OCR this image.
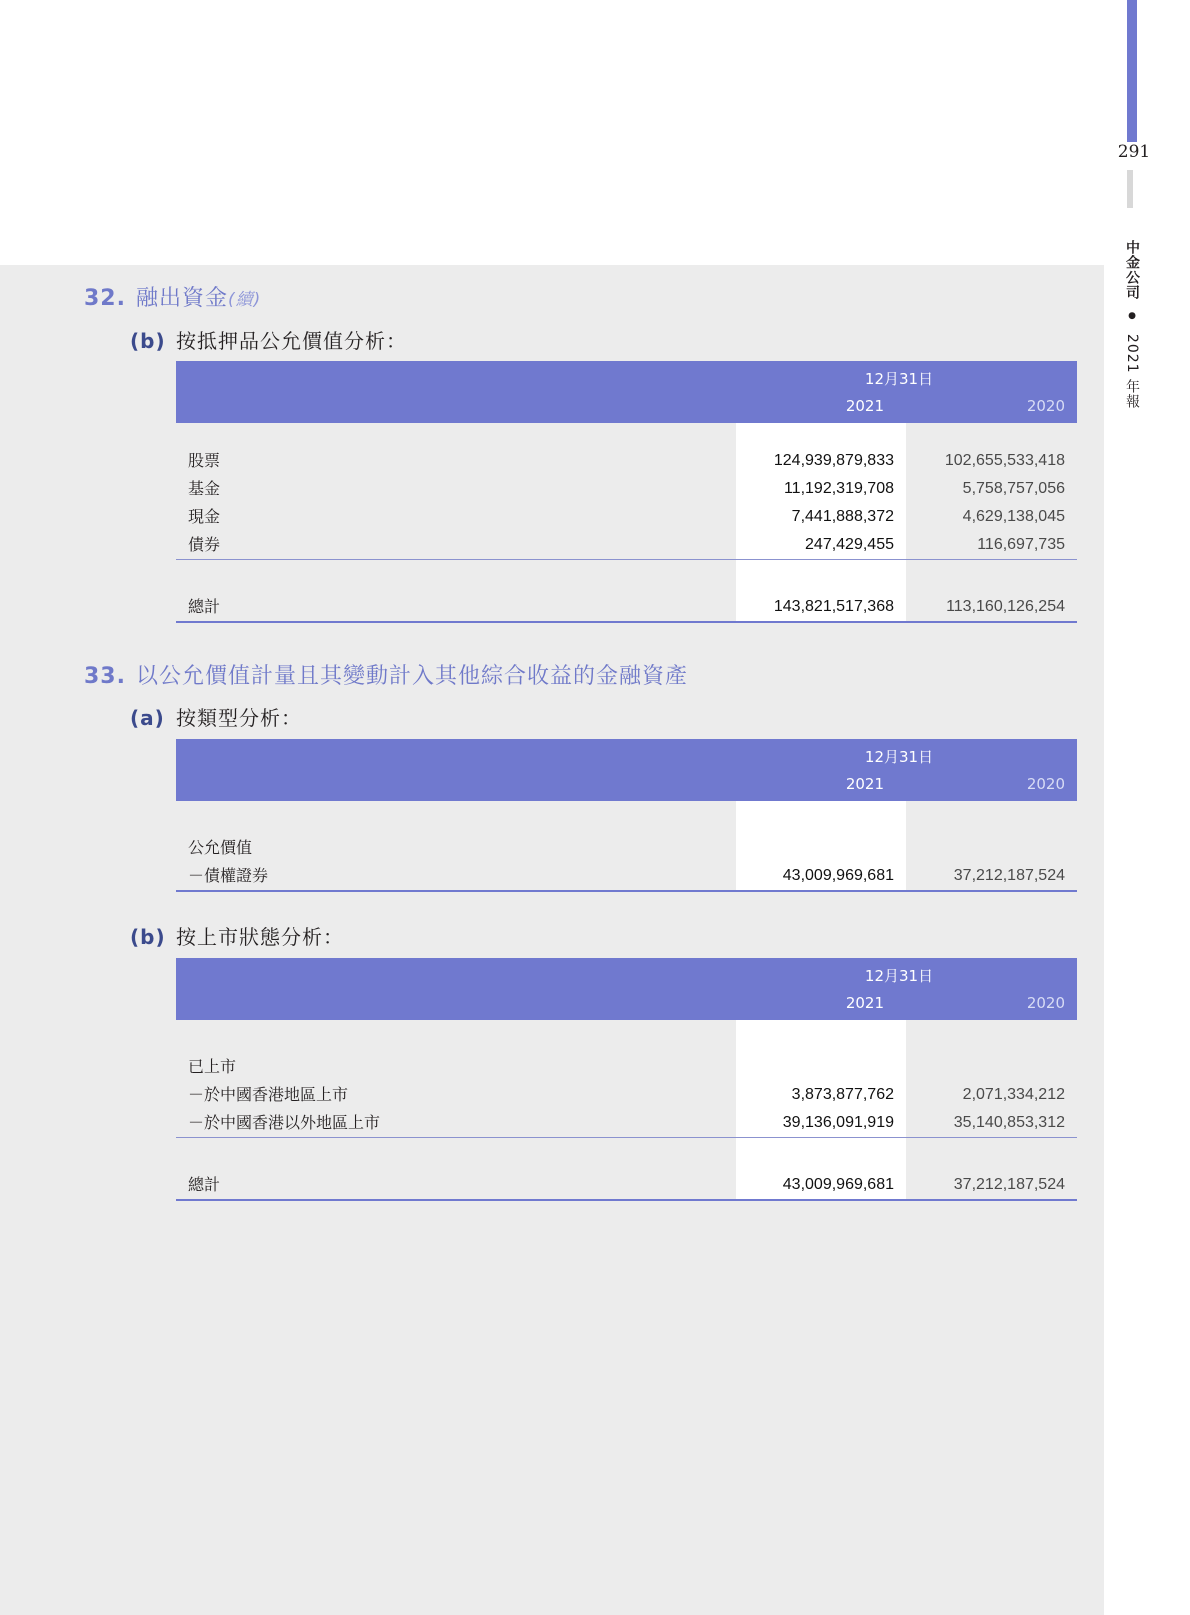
291
中金公司 ● 2021 年報
32. 融出資金(續)
(b) 按抵押品公允價值分析：
12月31日
2021	2020
股票	124,939,879,833	102,655,533,418
基金	11,192,319,708	5,758,757,056
現金	7,441,888,372	4,629,138,045
債券	247,429,455	116,697,735
總計	143,821,517,368	113,160,126,254
33. 以公允價值計量且其變動計入其他綜合收益的金融資產
(a) 按類型分析：
12月31日
2021	2020
公允價值
－債權證券	43,009,969,681	37,212,187,524
(b) 按上市狀態分析：
12月31日
2021	2020
已上市
－於中國香港地區上市	3,873,877,762	2,071,334,212
－於中國香港以外地區上市	39,136,091,919	35,140,853,312
總計	43,009,969,681	37,212,187,524
